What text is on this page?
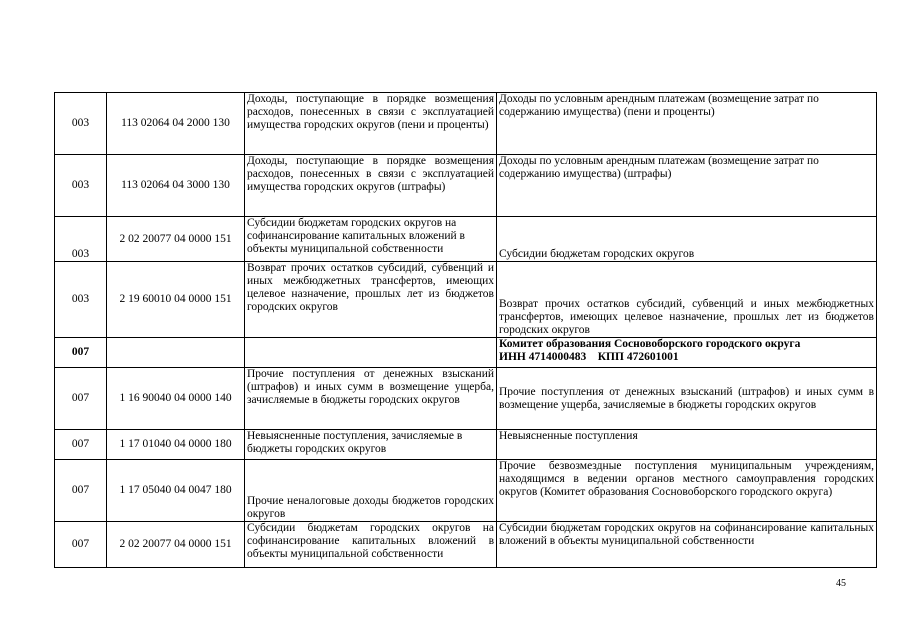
003	113 02064 04 2000 130	Доходы, поступающие в порядке возмещения расходов, понесенных в связи с эксплуатацией имущества городских округов (пени и проценты)	Доходы по условным арендным платежам (возмещение затрат по содержанию имущества) (пени и проценты)
003	113 02064 04 3000 130	Доходы, поступающие в порядке возмещения расходов, понесенных в связи с эксплуатацией имущества городских округов (штрафы)	Доходы по условным арендным платежам (возмещение затрат по содержанию имущества) (штрафы)
003	2 02 20077 04 0000 151	Субсидии бюджетам городских округов на софинансирование капитальных вложений в объекты муниципальной собственности	Субсидии бюджетам городских округов
003	2 19 60010 04 0000 151	Возврат прочих остатков субсидий, субвенций и иных межбюджетных трансфертов, имеющих целевое назначение, прошлых лет из бюджетов городских округов	Возврат прочих остатков субсидий, субвенций и иных межбюджетных трансфертов, имеющих целевое назначение, прошлых лет из бюджетов городских округов
007			Комитет образования Сосновоборского городского округа
ИНН 4714000483    КПП 472601001

007	1 16 90040 04 0000 140	Прочие поступления от денежных взысканий (штрафов) и иных сумм в возмещение ущерба, зачисляемые в бюджеты городских округов	Прочие поступления от денежных взысканий (штрафов) и иных сумм в возмещение ущерба, зачисляемые в бюджеты городских округов
007	1 17 01040 04 0000 180	Невыясненные поступления, зачисляемые в бюджеты городских округов	Невыясненные поступления
007	1 17 05040 04 0047 180	Прочие неналоговые доходы бюджетов городских округов	Прочие безвозмездные поступления муниципальным учреждениям, находящимся в ведении органов местного самоуправления городских округов (Комитет образования Сосновоборского городского округа)
007	2 02 20077 04 0000 151	Субсидии бюджетам городских округов на софинансирование капитальных вложений в объекты муниципальной собственности	Субсидии бюджетам городских округов на софинансирование капитальных вложений в объекты муниципальной собственности
45
